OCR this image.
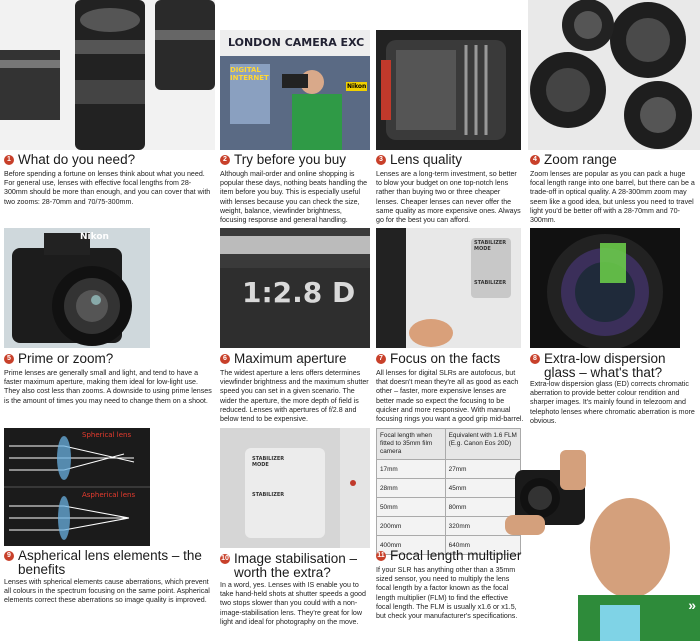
LONDON CAMERA EXC
DIGITAL INTERNET
Nikon
1 What do you need?
Before spending a fortune on lenses think about what you need. For general use, lenses with effective focal lengths from 28-300mm should be more than enough, and you can cover that with two zooms: 28-70mm and 70/75-300mm.
2 Try before you buy
Although mail-order and online shopping is popular these days, nothing beats handling the item before you buy. This is especially useful with lenses because you can check the size, weight, balance, viewfinder brightness, focusing response and general handling.
3 Lens quality
Lenses are a long-term investment, so better to blow your budget on one top-notch lens rather than buying two or three cheaper lenses. Cheaper lenses can never offer the same quality as more expensive ones. Always go for the best you can afford.
4 Zoom range
Zoom lenses are popular as you can pack a huge focal length range into one barrel, but there can be a trade-off in optical quality. A 28-300mm zoom may seem like a good idea, but unless you need to travel light you'd be better off with a 28-70mm and 70-300mm.
Nikon
1:2.8 D
STABILIZER MODE
STABILIZER
5 Prime or zoom?
Prime lenses are generally small and light, and tend to have a faster maximum aperture, making them ideal for low-light use. They also cost less than zooms. A downside to using prime lenses is the amount of times you may need to change them on a shoot.
6 Maximum aperture
The widest aperture a lens offers determines viewfinder brightness and the maximum shutter speed you can set in a given scenario. The wider the aperture, the more depth of field is reduced. Lenses with apertures of f/2.8 and below tend to be expensive.
7 Focus on the facts
All lenses for digital SLRs are autofocus, but that doesn't mean they're all as good as each other – faster, more expensive lenses are better made so expect the focusing to be quicker and more responsive. With manual focusing rings you want a good grip mid-barrel.
8 Extra-low dispersion glass – what's that?
Extra-low dispersion glass (ED) corrects chromatic aberration to provide better colour rendition and sharper images. It's mainly found in telezoom and telephoto lenses where chromatic aberration is more obvious.
Spherical lens
Aspherical lens
9 Aspherical lens elements – the benefits
Lenses with spherical elements cause aberrations, which prevent all colours in the spectrum focusing on the same point. Aspherical elements correct these aberrations so image quality is improved.
STABILIZER MODE
STABILIZER
10 Image stabilisation – worth the extra?
In a word, yes. Lenses with IS enable you to take hand-held shots at shutter speeds a good two stops slower than you could with a non-image-stabilisation lens. They're great for low light and ideal for photography on the move.
Focal length when fitted to 35mm film camera	Equivalent with 1.6 FLM (E.g. Canon Eos 20D)
17mm	27mm
28mm	45mm
50mm	80mm
200mm	320mm
400mm	640mm
11 Focal length multiplier
If your SLR has anything other than a 35mm sized sensor, you need to multiply the lens focal length by a factor known as the focal length multiplier (FLM) to find the effective focal length. The FLM is usually x1.6 or x1.5, but check your manufacturer's specifications.
»
